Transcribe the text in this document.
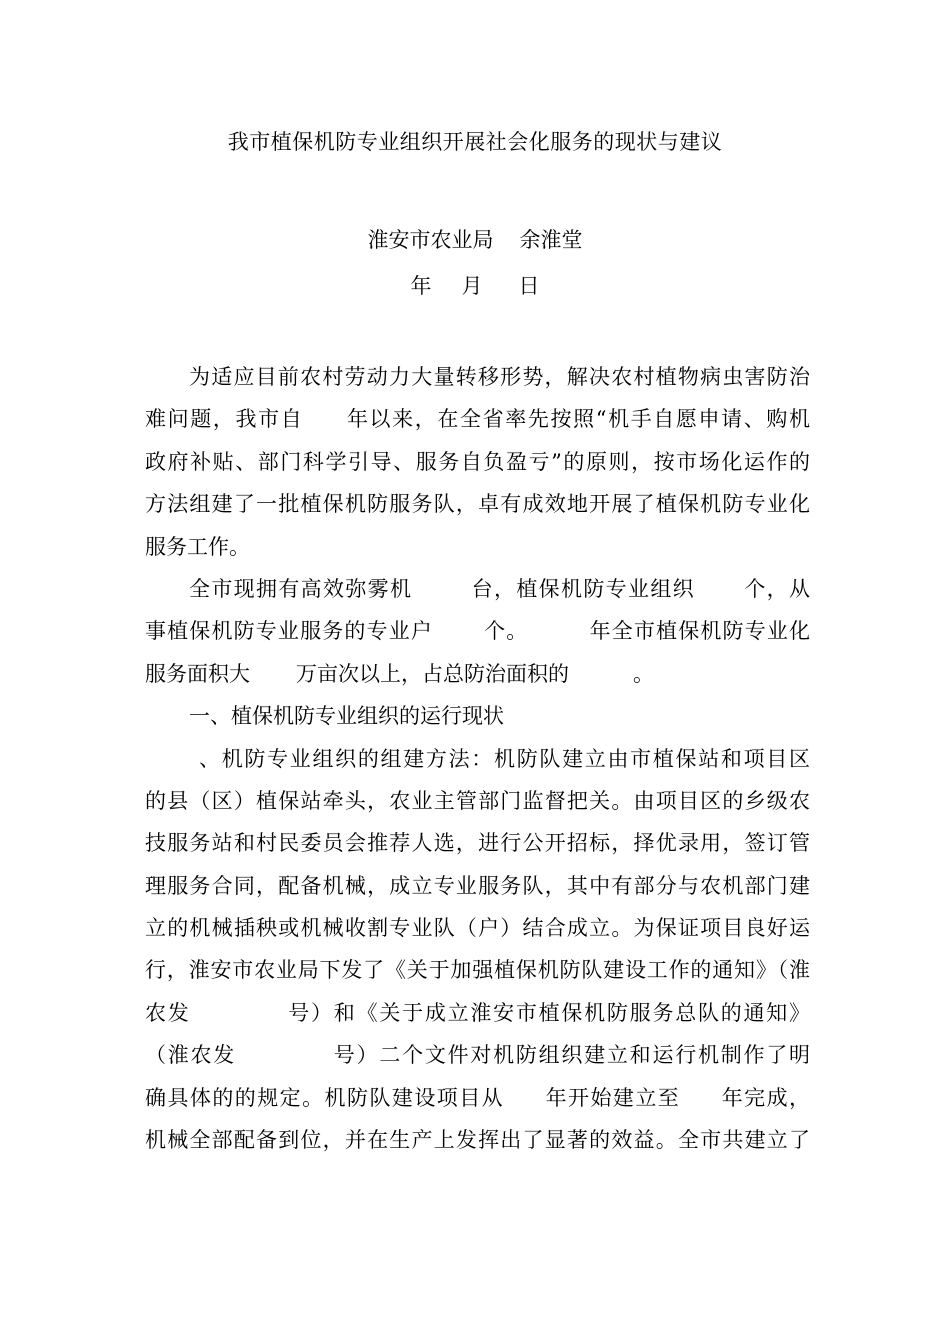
我市植保机防专业组织开展社会化服务的现状与建议
淮安市农业局 余淮堂
年 月 日
为适应目前农村劳动力大量转移形势，解决农村植物病虫害防治
难问题，我市自 年以来，在全省率先按照“机手自愿申请、购机
政府补贴、部门科学引导、服务自负盈亏”的原则，按市场化运作的
方法组建了一批植保机防服务队，卓有成效地开展了植保机防专业化
服务工作。
全市现拥有高效弥雾机	台，植保机防专业组织 个，从
事植保机防专业服务的专业户 个。	年全市植保机防专业化
服务面积大 万亩次以上，占总防治面积的	。
一、植保机防专业组织的运行现状
、机防专业组织的组建方法：机防队建立由市植保站和项目区
的县（区）植保站牵头，农业主管部门监督把关。由项目区的乡级农
技服务站和村民委员会推荐人选，进行公开招标，择优录用，签订管
理服务合同，配备机械，成立专业服务队，其中有部分与农机部门建
立的机械插秧或机械收割专业队（户）结合成立。为保证项目良好运
行，淮安市农业局下发了《关于加强植保机防队建设工作的通知》（淮
农发	号）和《关于成立淮安市植保机防服务总队的通知》
（淮农发	号）二个文件对机防组织建立和运行机制作了明
确具体的的规定。机防队建设项目从 年开始建立至 年完成，
机械全部配备到位，并在生产上发挥出了显著的效益。全市共建立了
